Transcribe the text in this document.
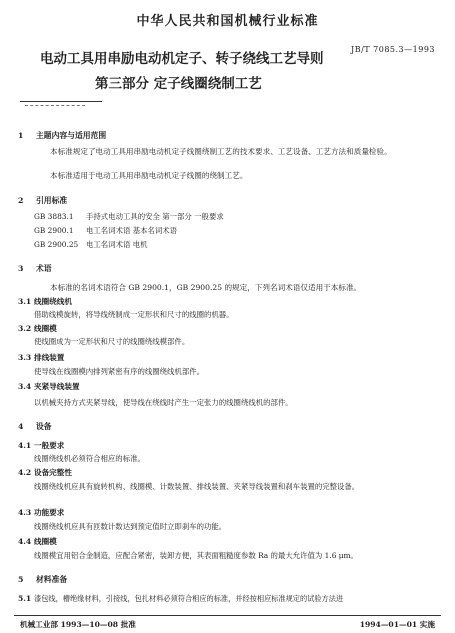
中华人民共和国机械行业标准
JB/T 7085.3—1993
电动工具用串励电动机定子、转子绕线工艺导则
第三部分 定子线圈绕制工艺
1 主题内容与适用范围
本标准规定了电动工具用串励电动机定子线圈绕制工艺的技术要求、工艺设备、工艺方法和质量检验。
本标准适用于电动工具用串励电动机定子线圈的绕制工艺。
2 引用标准
GB 3883.1 手持式电动工具的安全 第一部分 一般要求
GB 2900.1 电工名词术语 基本名词术语
GB 2900.25 电工名词术语 电机
3 术语
本标准的名词术语符合 GB 2900.1，GB 2900.25 的规定，下列名词术语仅适用于本标准。
3.1 线圈绕线机
借助线模旋转，将导线绕制成一定形状和尺寸的线圈的机器。
3.2 线圈模
使线圈成为一定形状和尺寸的线圈绕线模部件。
3.3 排线装置
使导线在线圈模内排列紧密有序的线圈绕线机部件。
3.4 夹紧导线装置
以机械夹持方式夹紧导线，使导线在绕线时产生一定张力的线圈绕线机的部件。
4 设备
4.1 一般要求
线圈绕线机必须符合相应的标准。
4.2 设备完整性
线圈绕线机应具有旋转机构、线圈模、计数装置、排线装置、夹紧导线装置和刹车装置的完整设备。
4.3 功能要求
线圈绕线机应具有匝数计数达到预定值时立即刹车的功能。
4.4 线圈模
线圈模宜用铝合金制造，应配合紧密，装卸方便，其表面粗糙度参数 Ra 的最大允许值为 1.6 μm。
5 材料准备
5.1 漆包线，槽绝缘材料，引接线，包扎材料必须符合相应的标准，并经按相应标准规定的试验方法进
机械工业部 1993—10—08 批准	1994—01—01 实施
